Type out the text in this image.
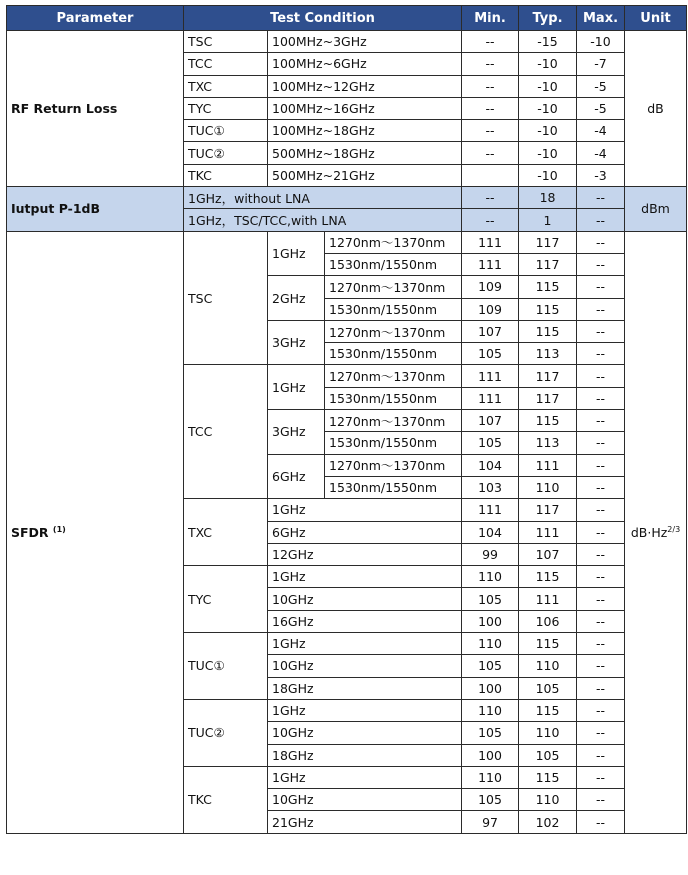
Parameter	Test Condition			Min.	Typ.	Max.	Unit
RF Return Loss	TSC	100MHz~3GHz		--	-15	-10	dB
	TCC	100MHz~6GHz		--	-10	-7	
	TXC	100MHz~12GHz		--	-10	-5	
	TYC	100MHz~16GHz		--	-10	-5	
	TUC①	100MHz~18GHz		--	-10	-4	
	TUC②	500MHz~18GHz		--	-10	-4	
	TKC	500MHz~21GHz			-10	-3	
Iutput P-1dB	1GHz，without LNA			--	18	--	dBm
	1GHz，TSC/TCC,with LNA			--	1	--	
SFDR $^{(1)}$	TSC	1GHz	1270nm～1370nm	111	117	--	$dB\cdot Hz^{2/3}$
			1530nm/1550nm	111	117	--	
		2GHz	1270nm～1370nm	109	115	--	
			1530nm/1550nm	109	115	--	
		3GHz	1270nm～1370nm	107	115	--	
			1530nm/1550nm	105	113	--	
	TCC	1GHz	1270nm～1370nm	111	117	--	
			1530nm/1550nm	111	117	--	
		3GHz	1270nm～1370nm	107	115	--	
			1530nm/1550nm	105	113	--	
		6GHz	1270nm～1370nm	104	111	--	
			1530nm/1550nm	103	110	--	
	TXC	1GHz		111	117	--	
		6GHz		104	111	--	
		12GHz		99	107	--	
	TYC	1GHz		110	115	--	
		10GHz		105	111	--	
		16GHz		100	106	--	
	TUC①	1GHz		110	115	--	
		10GHz		105	110	--	
		18GHz		100	105	--	
	TUC②	1GHz		110	115	--	
		10GHz		105	110	--	
		18GHz		100	105	--	
	TKC	1GHz		110	115	--	
		10GHz		105	110	--	
		21GHz		97	102	--	
